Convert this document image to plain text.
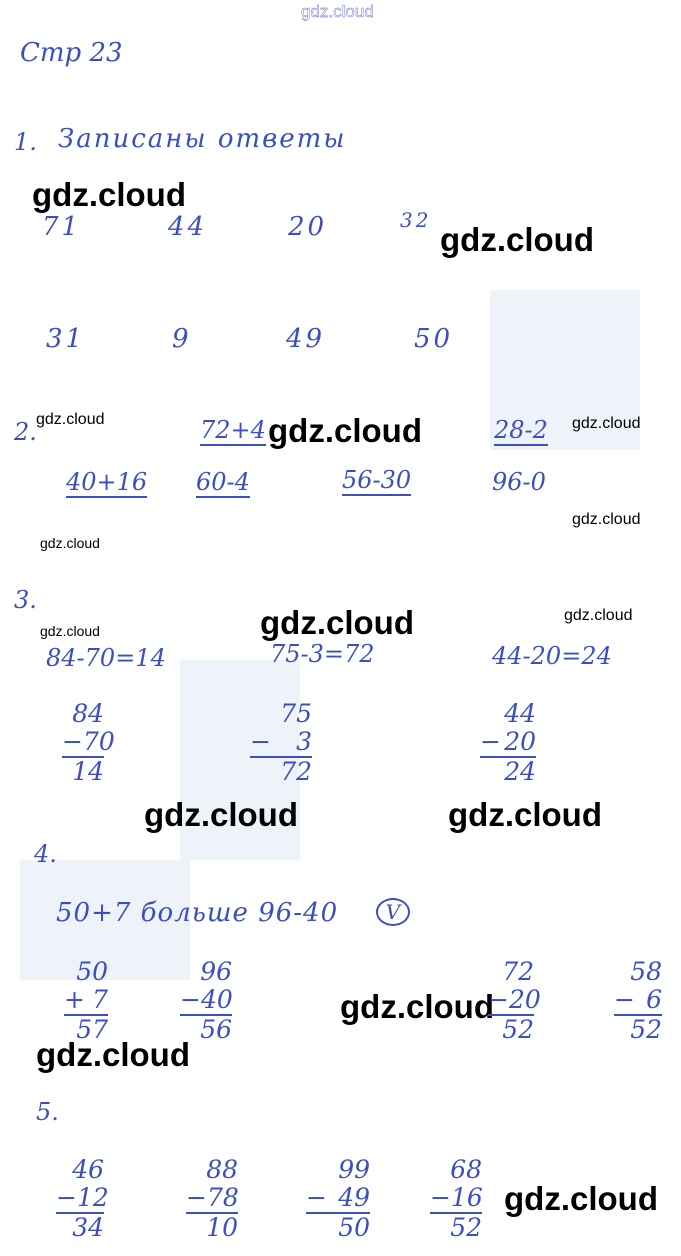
gdz.cloud
gdz.cloud
gdz.cloud
gdz.cloud	gdz.cloud	gdz.cloud
gdz.cloud
gdz.cloud
gdz.cloud	gdz.cloud
gdz.cloud
gdz.cloud	gdz.cloud
gdz.cloud
gdz.cloud
gdz.cloud
Стр 23
1. Записаны ответы
71	44	20	32
31	9	49	50
2.	72+4	28-2
40+16 60-4	56-30	96-0
3.
84-70=14	75-3=72	44-20=24
84
− 70
14
75
− 3
72
44
− 20
24
4.
50+7 больше 96-40	V
50
+ 7
57
96
− 40
56
72
− 20
52
58
− 6
52
5.
46
− 12
34
88
− 78
10
99
− 49
50
68
− 16
52
